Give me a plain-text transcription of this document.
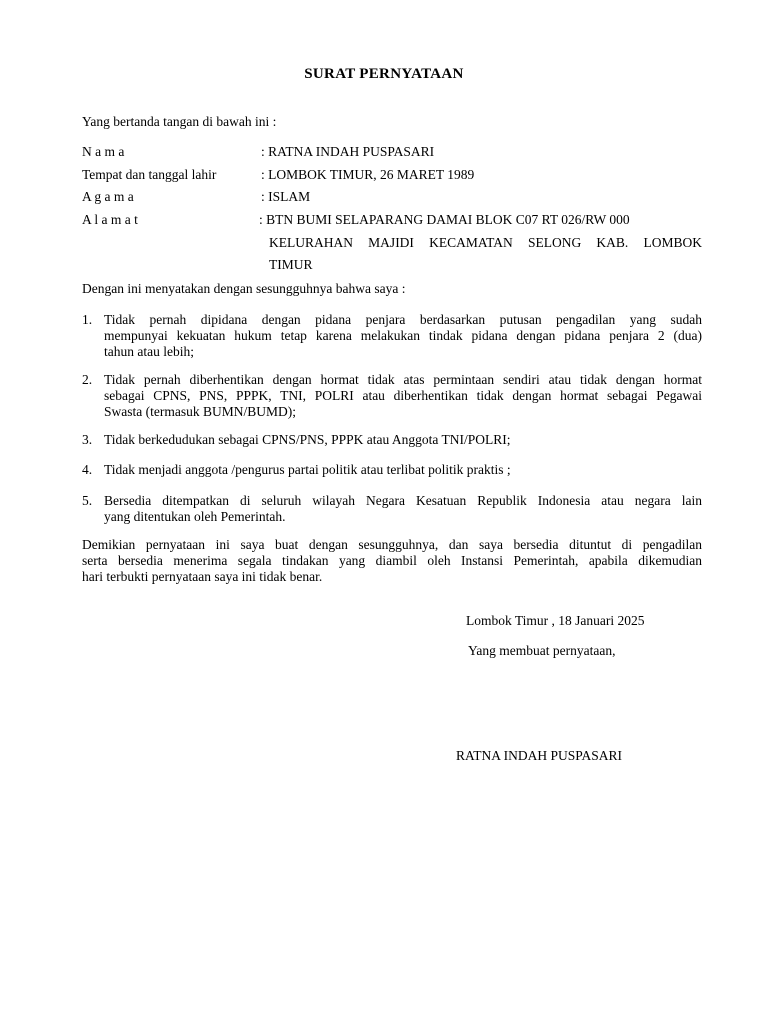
SURAT PERNYATAAN
Yang bertanda tangan di bawah ini :
N a m a	: RATNA INDAH PUSPASARI
Tempat dan tanggal lahir	: LOMBOK TIMUR, 26 MARET 1989
A g a m a	: ISLAM
A l a m a t	: BTN BUMI SELAPARANG DAMAI BLOK C07 RT 026/RW 000
KELURAHAN MAJIDI KECAMATAN SELONG KAB. LOMBOK
TIMUR
Dengan ini menyatakan dengan sesungguhnya bahwa saya :
1. Tidak pernah dipidana dengan pidana penjara berdasarkan putusan pengadilan yang sudah
mempunyai kekuatan hukum tetap karena melakukan tindak pidana dengan pidana penjara 2 (dua)
tahun atau lebih;
2. Tidak pernah diberhentikan dengan hormat tidak atas permintaan sendiri atau tidak dengan hormat
sebagai CPNS, PNS, PPPK, TNI, POLRI atau diberhentikan tidak dengan hormat sebagai Pegawai
Swasta (termasuk BUMN/BUMD);
3. Tidak berkedudukan sebagai CPNS/PNS, PPPK atau Anggota TNI/POLRI;
4. Tidak menjadi anggota /pengurus partai politik atau terlibat politik praktis ;
5. Bersedia ditempatkan di seluruh wilayah Negara Kesatuan Republik Indonesia atau negara lain
yang ditentukan oleh Pemerintah.
Demikian pernyataan ini saya buat dengan sesungguhnya, dan saya bersedia dituntut di pengadilan
serta bersedia menerima segala tindakan yang diambil oleh Instansi Pemerintah, apabila dikemudian
hari terbukti pernyataan saya ini tidak benar.
Lombok Timur , 18 Januari 2025
Yang membuat pernyataan,
RATNA INDAH PUSPASARI
